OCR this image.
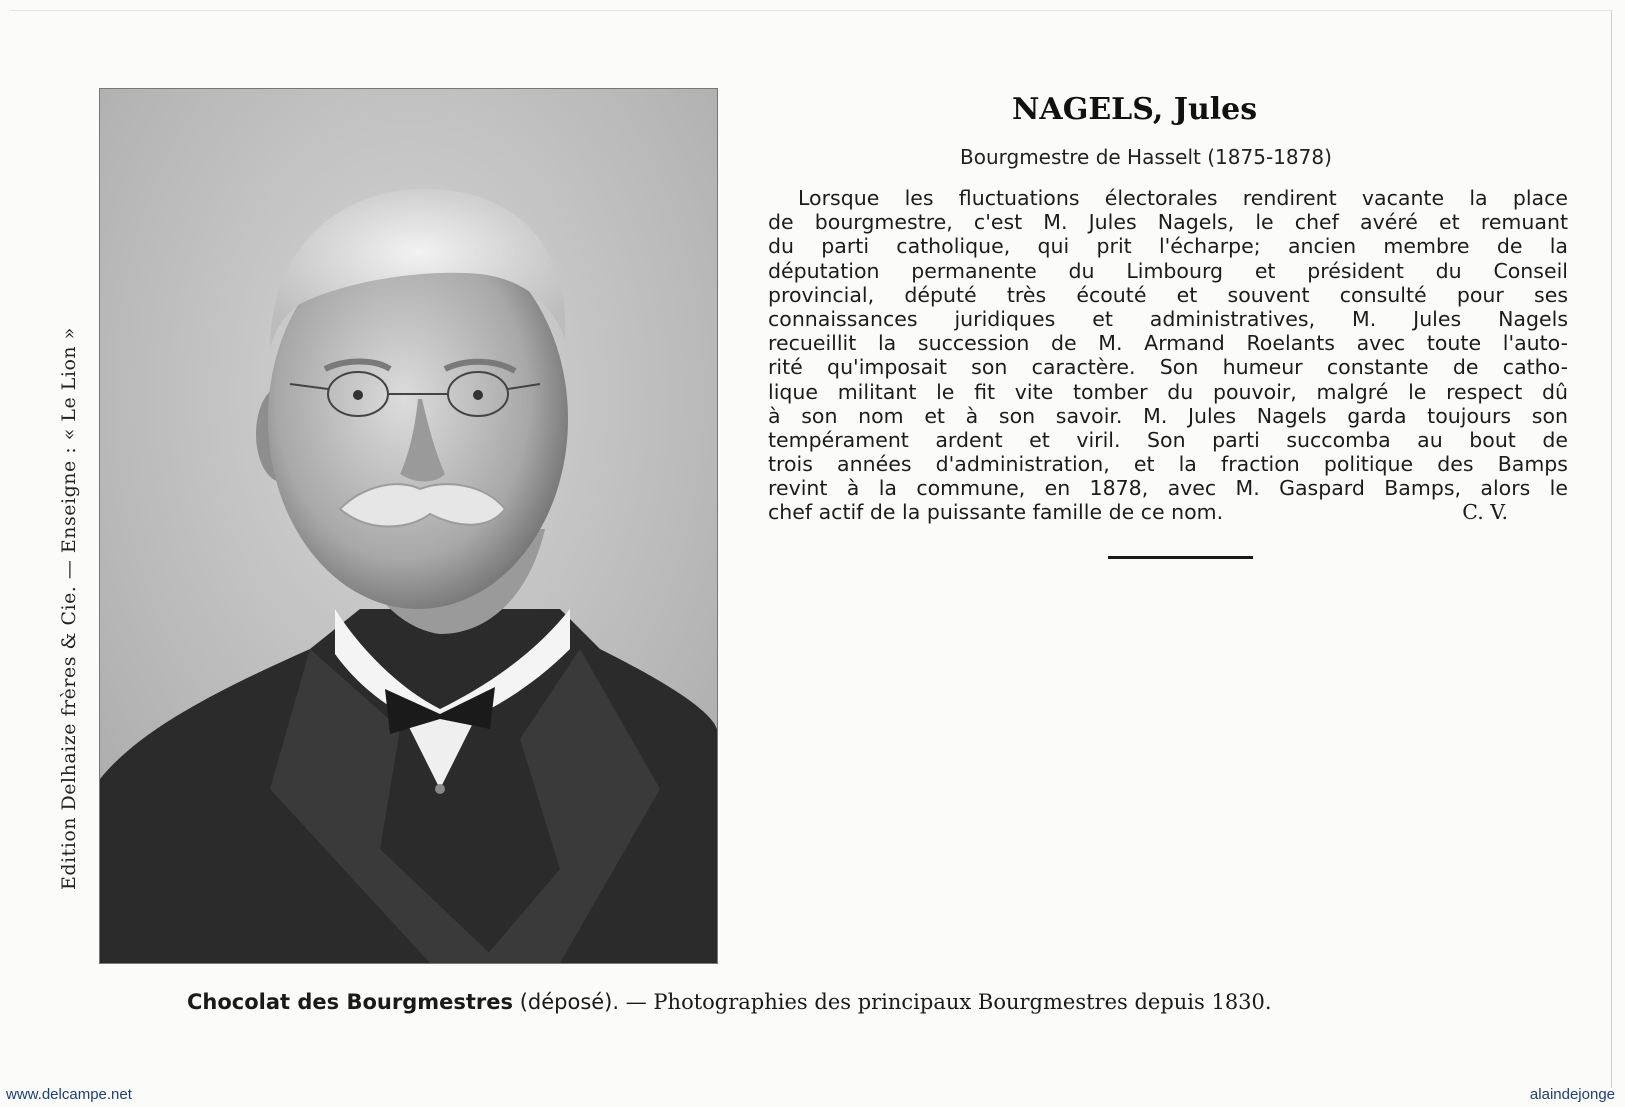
Edition Delhaize frères & Cie. — Enseigne : « Le Lion »
NAGELS, Jules
Bourgmestre de Hasselt (1875-1878)
Lorsque les fluctuations électorales rendirent vacante la place
de bourgmestre, c'est M. Jules Nagels, le chef avéré et remuant
du parti catholique, qui prit l'écharpe; ancien membre de la
députation permanente du Limbourg et président du Conseil
provincial, député très écouté et souvent consulté pour ses
connaissances juridiques et administratives, M. Jules Nagels
recueillit la succession de M. Armand Roelants avec toute l'auto-
rité qu'imposait son caractère. Son humeur constante de catho-
lique militant le fit vite tomber du pouvoir, malgré le respect dû
à son nom et à son savoir. M. Jules Nagels garda toujours son
tempérament ardent et viril. Son parti succomba au bout de
trois années d'administration, et la fraction politique des Bamps
revint à la commune, en 1878, avec M. Gaspard Bamps, alors le
chef actif de la puissante famille de ce nom.	C. V.
Chocolat des Bourgmestres (déposé). — Photographies des principaux Bourgmestres depuis 1830.
www.delcampe.net	alaindejonge
